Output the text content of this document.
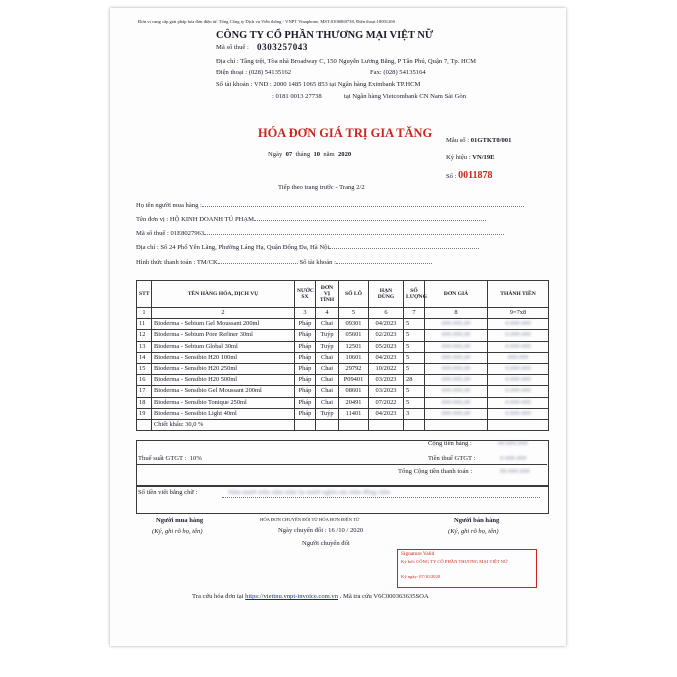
Đơn vị cung cấp giải pháp hóa đơn điện tử: Tổng Công ty Dịch vụ Viễn thông - VNPT Vinaphone, MST:0106869738, Điện thoại:18001260
CÔNG TY CỔ PHẦN THƯƠNG MẠI VIỆT NỮ
Mã số thuế : 0303257043
Địa chỉ : Tầng trệt, Tòa nhà Broadway C, 150 Nguyễn Lương Bằng, P Tân Phú, Quận 7, Tp. HCM
Điện thoại : (028) 54135162	Fax: (028) 54135164
Số tài khoản : VND : 2000 1485 1065 853 tại Ngân hàng Eximbank TP.HCM
: 0181 0013 27738	tại Ngân hàng Vietcombank CN Nam Sài Gòn
HÓA ĐƠN GIÁ TRỊ GIA TĂNG
Ngày 07 tháng 10 năm 2020
Mẫu số : 01GTKT0/001
Ký hiệu : VN/19E
Số : 0011878
Tiếp theo trang trước - Trang 2/2
Họ tên người mua hàng :
Tên đơn vị : HỘ KINH DOANH TÚ PHẠM
Mã số thuế : 01E8027963
Địa chỉ : Số 24 Phố Yên Lãng, Phường Láng Hạ, Quận Đống Đa, Hà Nội
Hình thức thanh toán : TM/CK	Số tài khoản :
STT	TÊN HÀNG HÓA, DỊCH VỤ	NƯỚC SX	ĐƠN VỊ TÍNH	SỐ LÔ	HẠN DÙNG	SỐ LƯỢNG	ĐƠN GIÁ	THÀNH TIỀN
1	2	3	4	5	6	7	8	9=7x8
11	Bioderma - Sebium Gel Moussant 200ml	Pháp	Chai	09301	04/2023	5	###.###,##	#.###.###
12	Bioderma - Sebium Pore Refiner 30ml	Pháp	Tuýp	05601	02/2023	5	###.###,##	#.###.###
13	Bioderma - Sebium Global 30ml	Pháp	Tuýp	12501	05/2023	5	###.###,##	#.###.###
14	Bioderma - Sensibio H20 100ml	Pháp	Chai	10601	04/2023	5	###.###,##	###.###
15	Bioderma - Sensibio H20 250ml	Pháp	Chai	29792	10/2022	5	###.###,##	#.###.###
16	Bioderma - Sensibio H20 500ml	Pháp	Chai	P09401	03/2023	28	###.###,##	#.###.###
17	Bioderma - Sensibio Gel Moussant 200ml	Pháp	Chai	08601	03/2023	5	###.###,##	#.###.###
18	Bioderma - Sensibio Tonique 250ml	Pháp	Chai	20491	07/2022	5	###.###,##	#.###.###
19	Bioderma - Sensibio Light 40ml	Pháp	Tuýp	11401	04/2023	3	###.###,##	#.###.###
	Chiết khấu: 30,0 %							
Cộng tiền hàng :	##.###.###
Thuế suất GTGT : 10%	Tiền thuế GTGT :	#.###.###
Tổng Cộng tiền thanh toán :	##.###.###
Số tiền viết bằng chữ :	Năm mươi triệu năm trăm ba mươi nghìn sáu trăm đồng chẵn
Người mua hàng
(Ký, ghi rõ họ, tên)
HÓA ĐƠN CHUYỂN ĐỔI TỪ HÓA ĐƠN ĐIỆN TỬ
Ngày chuyển đổi : 16 /10 / 2020
Người chuyển đổi
Người bán hàng
(Ký, ghi rõ họ, tên)
Signature Valid
Ký bởi: CÔNG TY CỔ PHẦN THƯƠNG MẠI VIỆT NỮ
Ký ngày: 07/10/2020
Tra cứu hóa đơn tại https://viettnu.vnpt-invoice.com.vn . Mã tra cứu V6C000363635SOA
